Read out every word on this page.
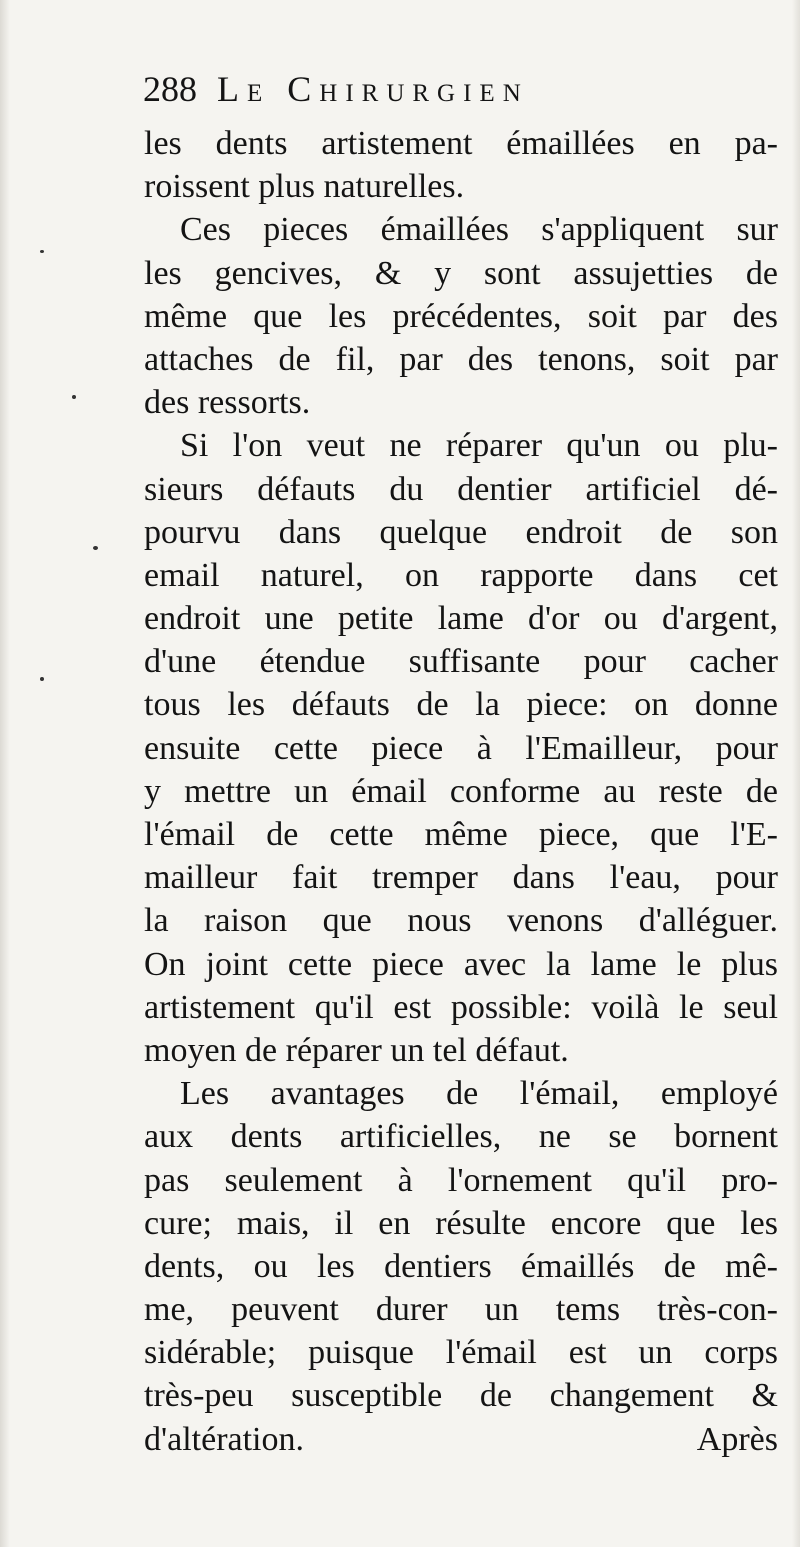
288 Le Chirurgien
les dents artistement émaillées en pa-
roissent plus naturelles.
Ces pieces émaillées s'appliquent sur
les gencives, & y sont assujetties de
même que les précédentes, soit par des
attaches de fil, par des tenons, soit par
des ressorts.
Si l'on veut ne réparer qu'un ou plu-
sieurs défauts du dentier artificiel dé-
pourvu dans quelque endroit de son
email naturel, on rapporte dans cet
endroit une petite lame d'or ou d'argent,
d'une étendue suffisante pour cacher
tous les défauts de la piece: on donne
ensuite cette piece à l'Emailleur, pour
y mettre un émail conforme au reste de
l'émail de cette même piece, que l'E-
mailleur fait tremper dans l'eau, pour
la raison que nous venons d'alléguer.
On joint cette piece avec la lame le plus
artistement qu'il est possible: voilà le seul
moyen de réparer un tel défaut.
Les avantages de l'émail, employé
aux dents artificielles, ne se bornent
pas seulement à l'ornement qu'il pro-
cure; mais, il en résulte encore que les
dents, ou les dentiers émaillés de mê-
me, peuvent durer un tems très-con-
sidérable; puisque l'émail est un corps
très-peu susceptible de changement &
d'altération.	Après
